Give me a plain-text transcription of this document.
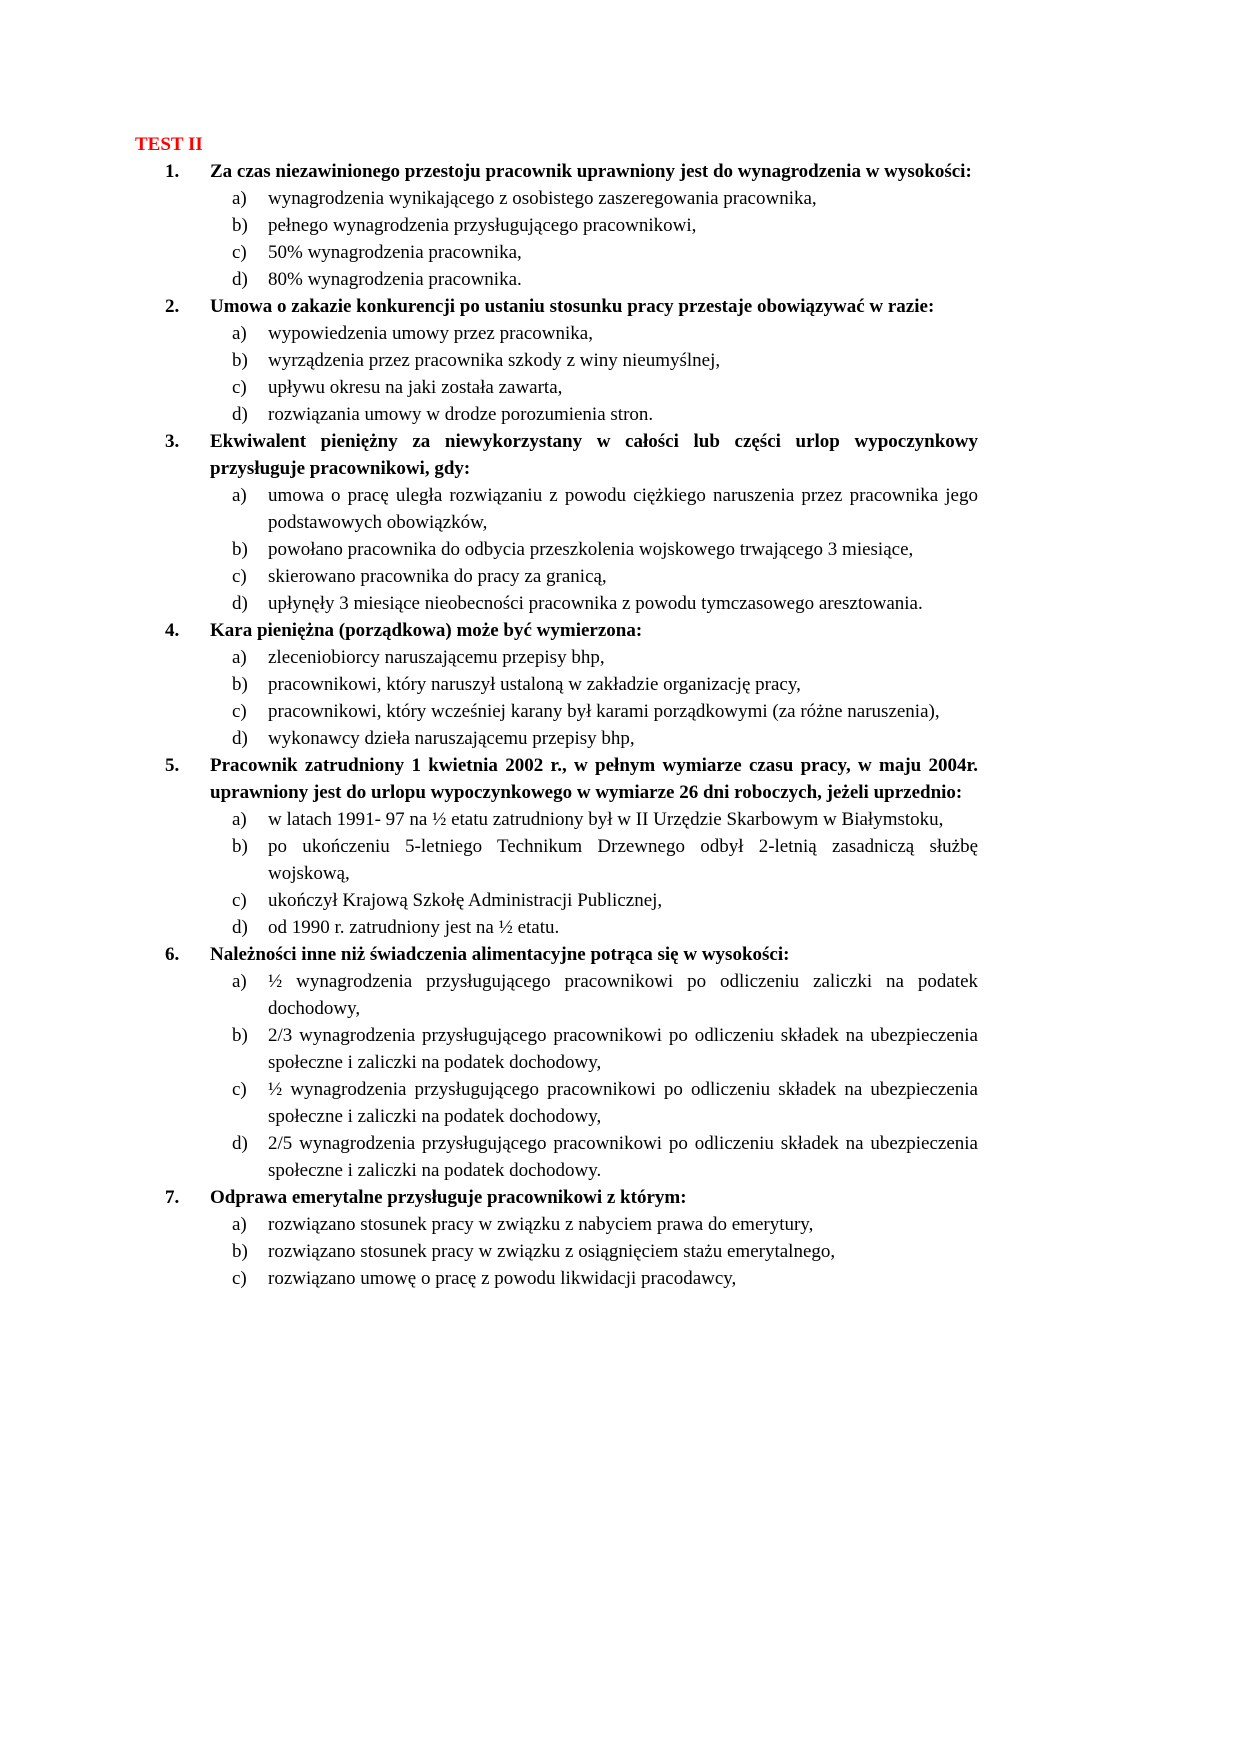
TEST II
1. Za czas niezawinionego przestoju pracownik uprawniony jest do wynagrodzenia w wysokości:
a) wynagrodzenia wynikającego z osobistego zaszeregowania pracownika,
b) pełnego wynagrodzenia przysługującego pracownikowi,
c) 50% wynagrodzenia pracownika,
d) 80% wynagrodzenia pracownika.
2. Umowa o zakazie konkurencji po ustaniu stosunku pracy przestaje obowiązywać w razie:
a) wypowiedzenia umowy przez pracownika,
b) wyrządzenia przez pracownika szkody z winy nieumyślnej,
c) upływu okresu na jaki została zawarta,
d) rozwiązania umowy w drodze porozumienia stron.
3. Ekwiwalent pieniężny za niewykorzystany w całości lub części urlop wypoczynkowy przysługuje pracownikowi, gdy:
a) umowa o pracę uległa rozwiązaniu z powodu ciężkiego naruszenia przez pracownika jego podstawowych obowiązków,
b) powołano pracownika do odbycia przeszkolenia wojskowego trwającego 3 miesiące,
c) skierowano pracownika do pracy za granicą,
d) upłynęły 3 miesiące nieobecności pracownika z powodu tymczasowego aresztowania.
4. Kara pieniężna (porządkowa) może być wymierzona:
a) zleceniobiorcy naruszającemu przepisy bhp,
b) pracownikowi, który naruszył ustaloną w zakładzie organizację pracy,
c) pracownikowi, który wcześniej karany był karami porządkowymi (za różne naruszenia),
d) wykonawcy dzieła naruszającemu przepisy bhp,
5. Pracownik zatrudniony 1 kwietnia 2002 r., w pełnym wymiarze czasu pracy, w maju 2004r. uprawniony jest do urlopu wypoczynkowego w wymiarze 26 dni roboczych, jeżeli uprzednio:
a) w latach 1991- 97 na ½ etatu zatrudniony był w II Urzędzie Skarbowym w Białymstoku,
b) po ukończeniu 5-letniego Technikum Drzewnego odbył 2-letnią zasadniczą służbę wojskową,
c) ukończył Krajową Szkołę Administracji Publicznej,
d) od 1990 r. zatrudniony jest na ½ etatu.
6. Należności inne niż świadczenia alimentacyjne potrąca się w wysokości:
a) ½ wynagrodzenia przysługującego pracownikowi po odliczeniu zaliczki na podatek dochodowy,
b) 2/3 wynagrodzenia przysługującego pracownikowi po odliczeniu składek na ubezpieczenia społeczne i zaliczki na podatek dochodowy,
c) ½ wynagrodzenia przysługującego pracownikowi po odliczeniu składek na ubezpieczenia społeczne i zaliczki na podatek dochodowy,
d) 2/5 wynagrodzenia przysługującego pracownikowi po odliczeniu składek na ubezpieczenia społeczne i zaliczki na podatek dochodowy.
7. Odprawa emerytalne przysługuje pracownikowi z którym:
a) rozwiązano stosunek pracy w związku z nabyciem prawa do emerytury,
b) rozwiązano stosunek pracy w związku z osiągnięciem stażu emerytalnego,
c) rozwiązano umowę o pracę z powodu likwidacji pracodawcy,
